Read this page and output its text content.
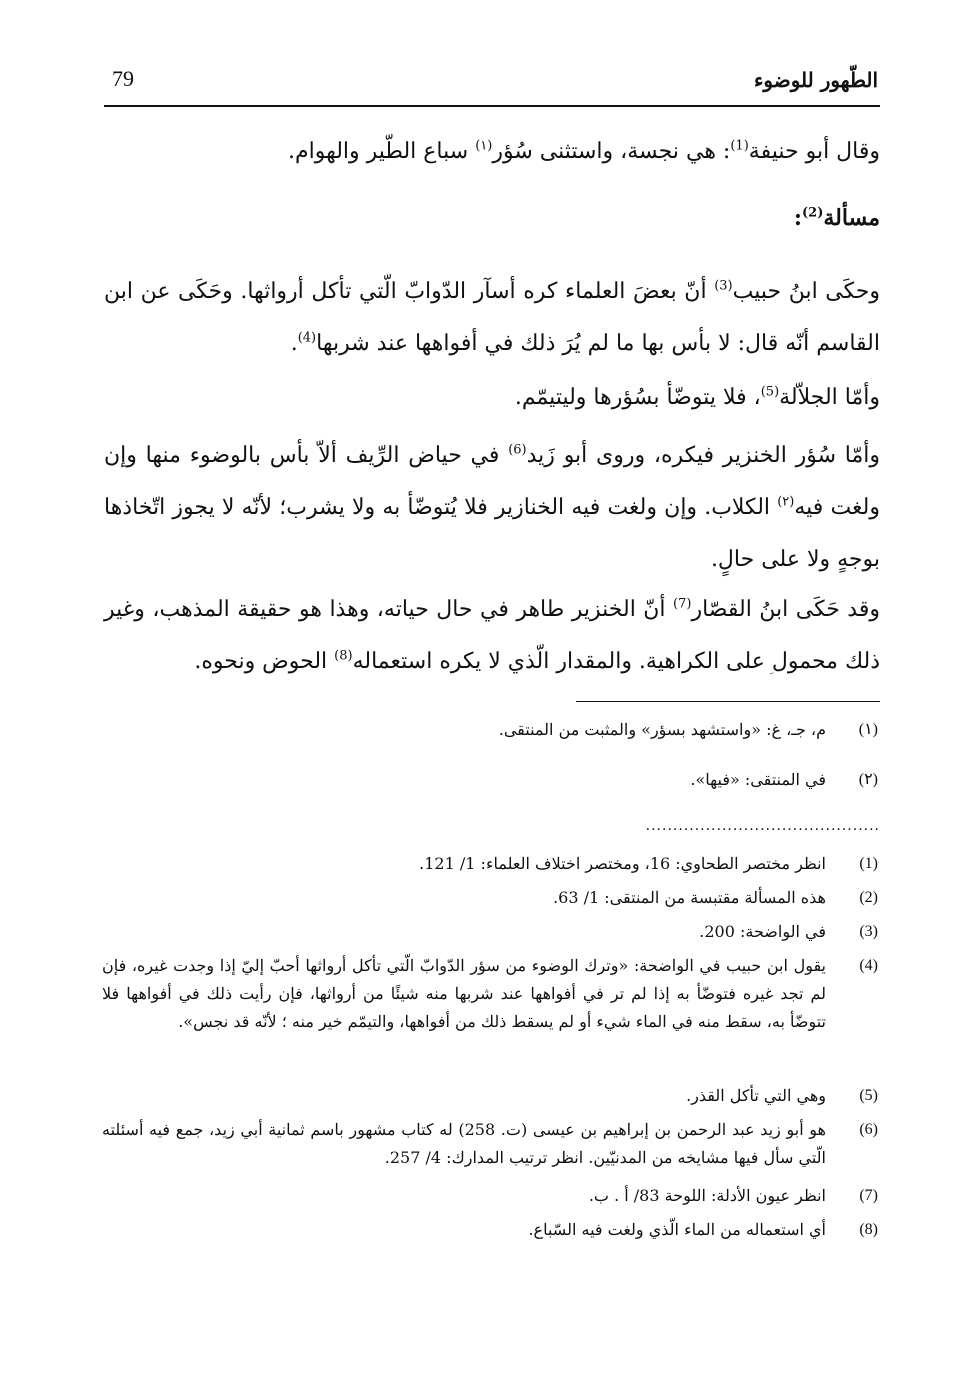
79	الطّهور للوضوء

وقال أبو حنيفة$^{(1)}$: هي نجسة، واستثنى سُؤر$^{(١)}$ سباع الطّير والهوام.

مسألة$^{(2)}$:

وحكَى ابنُ حبيب$^{(3)}$ أنّ بعضَ العلماء كره أسآر الدّوابّ الّتي تأكل أرواثها. وحَكَى عن ابن القاسم أنّه قال: لا بأس بها ما لم يُرَ ذلك في أفواهها عند شربها$^{(4)}$.

وأمّا الجلاّلة$^{(5)}$، فلا يتوضّأ بسُؤرها وليتيمّم.

وأمّا سُؤر الخنزير فيكره، وروى أبو زَيد$^{(6)}$ في حياض الرِّيف ألاّ بأس بالوضوء منها وإن ولغت فيه$^{(٢)}$ الكلاب. وإن ولغت فيه الخنازير فلا يُتوضّأ به ولا يشرب؛ لأنّه لا يجوز اتّخاذها بوجهٍ ولا على حالٍ.

وقد حَكَى ابنُ القصّار$^{(7)}$ أنّ الخنزير طاهر في حال حياته، وهذا هو حقيقة المذهب، وغير ذلك محمول على الكراهية. والمقدار الّذي لا يكره استعماله$^{(8)}$ الحوض ونحوه.

ﹶ
(١)
م، جـ، غ: «واستشهد بسؤر» والمثبت من المنتقى.
(٢)
في المنتقى: «فيها».
...........................................
(1)
انظر مختصر الطحاوي: 16، ومختصر اختلاف العلماء: 1/ 121.
(2)
هذه المسألة مقتبسة من المنتقى: 1/ 63.
(3)
في الواضحة: 200.
(4)
يقول ابن حبيب في الواضحة: «وترك الوضوء من سؤر الدّوابّ الّتي تأكل أرواثها أحبّ إليّ إذا وجدت غيره، فإن لم تجد غيره فتوضّأ به إذا لم تر في أفواهها عند شربها منه شيئًا من أرواثها، فإن رأيت ذلك في أفواهها فلا تتوضّأ به، سقط منه في الماء شيء أو لم يسقط ذلك من أفواهها، والتيمّم خير منه ؛ لأنّه قد نجس».
(5)
وهي التي تأكل القذر.
(6)
هو أبو زيد عبد الرحمن بن إبراهيم بن عيسى (ت. 258) له كتاب مشهور باسم ثمانية أبي زيد، جمع فيه أسئلته الّتي سأل فيها مشايخه من المدنيّين. انظر ترتيب المدارك: 4/ 257.
(7)
انظر عيون الأدلة: اللوحة 83/ أ . ب.
(8)
أي استعماله من الماء الّذي ولغت فيه السّباع.
